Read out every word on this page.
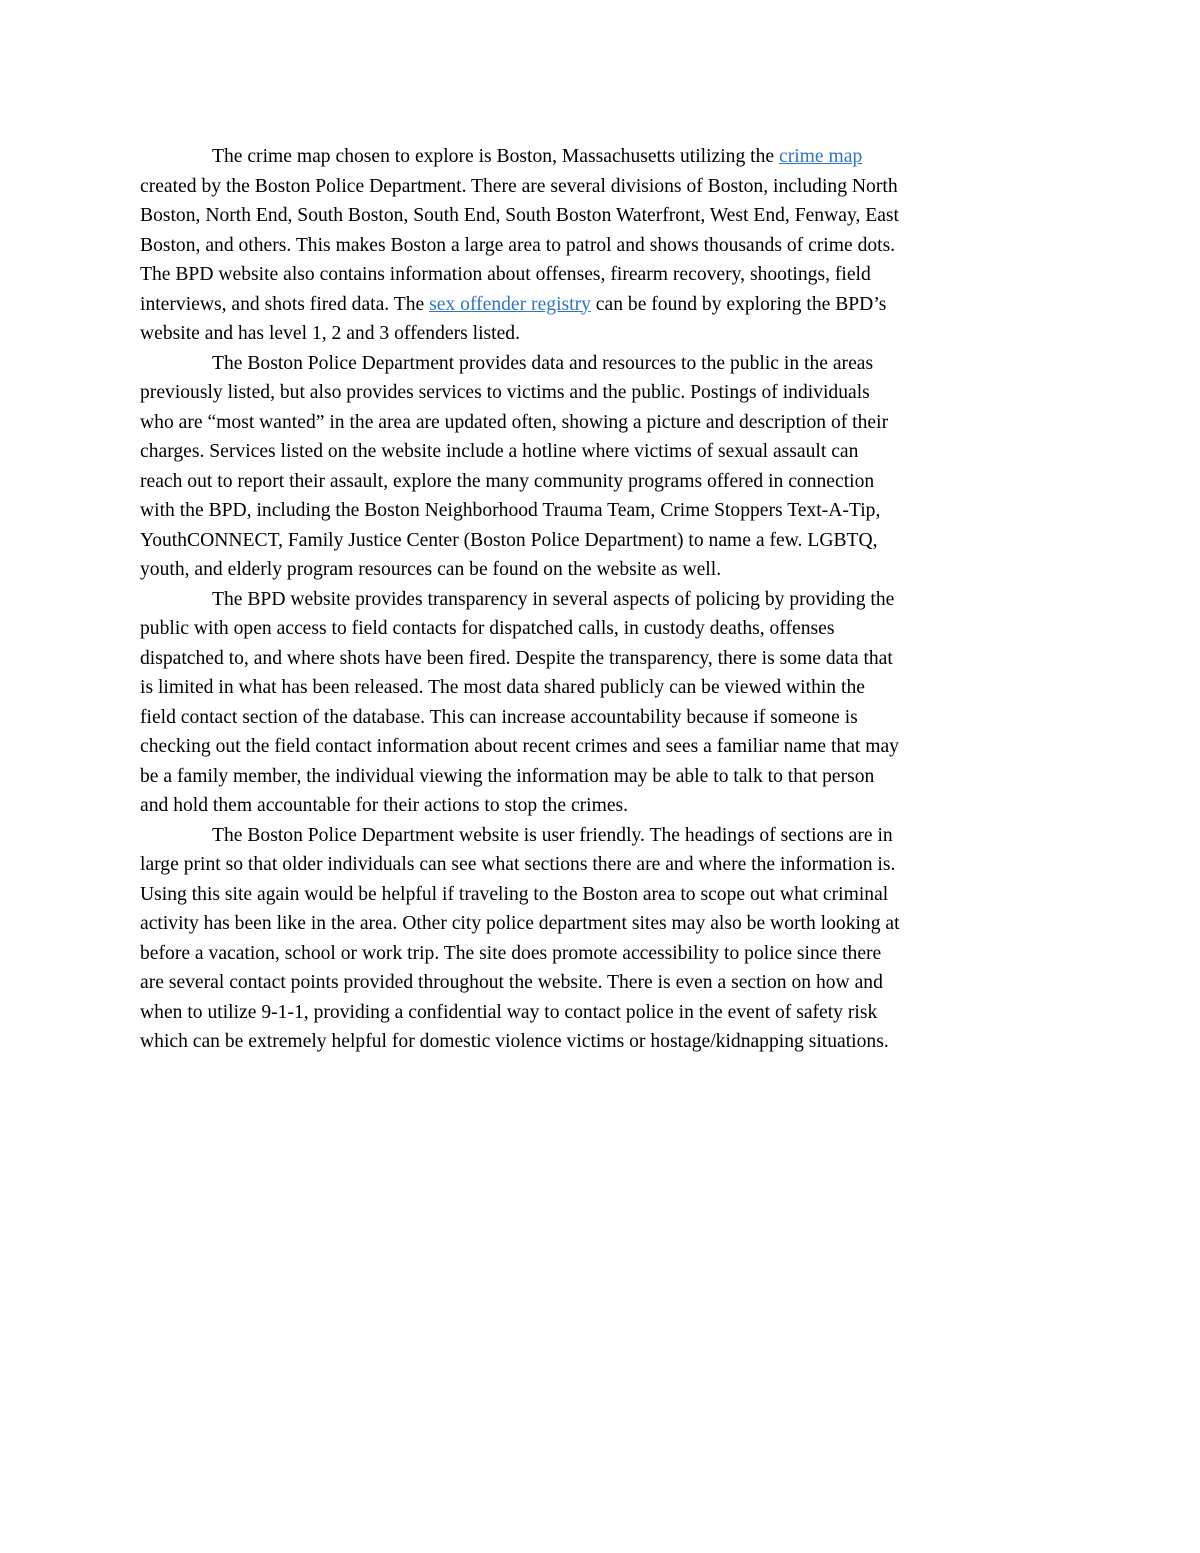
The crime map chosen to explore is Boston, Massachusetts utilizing the crime map
created by the Boston Police Department. There are several divisions of Boston, including North
Boston, North End, South Boston, South End, South Boston Waterfront, West End, Fenway, East
Boston, and others. This makes Boston a large area to patrol and shows thousands of crime dots.
The BPD website also contains information about offenses, firearm recovery, shootings, field
interviews, and shots fired data. The sex offender registry can be found by exploring the BPD’s
website and has level 1, 2 and 3 offenders listed.
The Boston Police Department provides data and resources to the public in the areas
previously listed, but also provides services to victims and the public. Postings of individuals
who are “most wanted” in the area are updated often, showing a picture and description of their
charges. Services listed on the website include a hotline where victims of sexual assault can
reach out to report their assault, explore the many community programs offered in connection
with the BPD, including the Boston Neighborhood Trauma Team, Crime Stoppers Text-A-Tip,
YouthCONNECT, Family Justice Center (Boston Police Department) to name a few. LGBTQ,
youth, and elderly program resources can be found on the website as well.
The BPD website provides transparency in several aspects of policing by providing the
public with open access to field contacts for dispatched calls, in custody deaths, offenses
dispatched to, and where shots have been fired. Despite the transparency, there is some data that
is limited in what has been released. The most data shared publicly can be viewed within the
field contact section of the database. This can increase accountability because if someone is
checking out the field contact information about recent crimes and sees a familiar name that may
be a family member, the individual viewing the information may be able to talk to that person
and hold them accountable for their actions to stop the crimes.
The Boston Police Department website is user friendly. The headings of sections are in
large print so that older individuals can see what sections there are and where the information is.
Using this site again would be helpful if traveling to the Boston area to scope out what criminal
activity has been like in the area. Other city police department sites may also be worth looking at
before a vacation, school or work trip. The site does promote accessibility to police since there
are several contact points provided throughout the website. There is even a section on how and
when to utilize 9-1-1, providing a confidential way to contact police in the event of safety risk
which can be extremely helpful for domestic violence victims or hostage/kidnapping situations.
